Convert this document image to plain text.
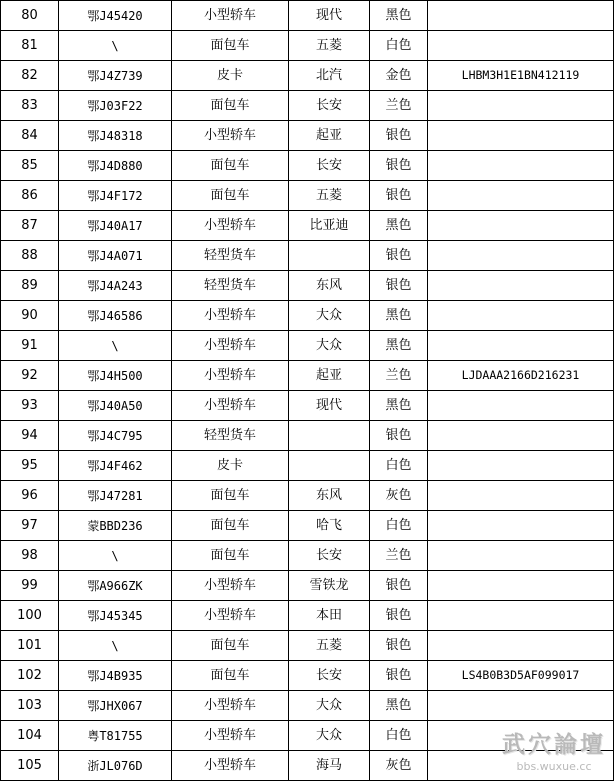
80	鄂J45420	小型轿车	现代	黑色	
81	\	面包车	五菱	白色	
82	鄂J4Z739	皮卡	北汽	金色	LHBM3H1E1BN412119
83	鄂J03F22	面包车	长安	兰色	
84	鄂J48318	小型轿车	起亚	银色	
85	鄂J4D880	面包车	长安	银色	
86	鄂J4F172	面包车	五菱	银色	
87	鄂J40A17	小型轿车	比亚迪	黑色	
88	鄂J4A071	轻型货车		银色	
89	鄂J4A243	轻型货车	东风	银色	
90	鄂J46586	小型轿车	大众	黑色	
91	\	小型轿车	大众	黑色	
92	鄂J4H500	小型轿车	起亚	兰色	LJDAAA2166D216231
93	鄂J40A50	小型轿车	现代	黑色	
94	鄂J4C795	轻型货车		银色	
95	鄂J4F462	皮卡		白色	
96	鄂J47281	面包车	东风	灰色	
97	蒙BBD236	面包车	哈飞	白色	
98	\	面包车	长安	兰色	
99	鄂A966ZK	小型轿车	雪铁龙	银色	
100	鄂J45345	小型轿车	本田	银色	
101	\	面包车	五菱	银色	
102	鄂J4B935	面包车	长安	银色	LS4B0B3D5AF099017
103	鄂JHX067	小型轿车	大众	黑色	
104	粤T81755	小型轿车	大众	白色	
105	浙JL076D	小型轿车	海马	灰色	
武穴論壇
bbs.wuxue.cc
